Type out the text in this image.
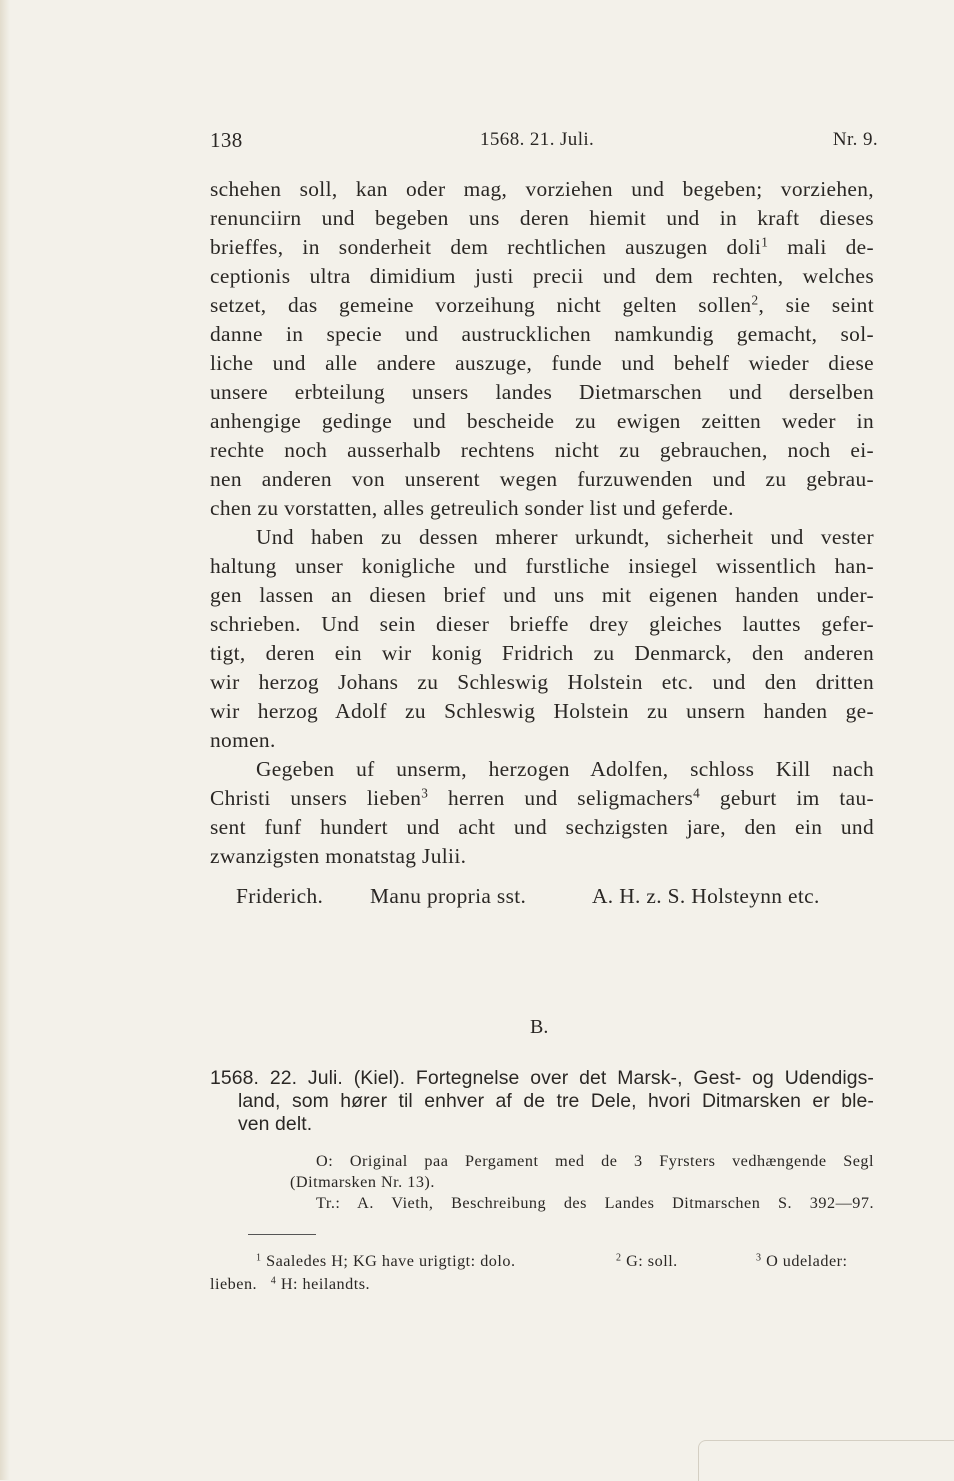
138	1568. 21. Juli.	Nr. 9.
schehen soll, kan oder mag, vorziehen und begeben; vorziehen,
renunciirn und begeben uns deren hiemit und in kraft dieses
brieffes, in sonderheit dem rechtlichen auszugen doli$^1$ mali de-
ceptionis ultra dimidium justi precii und dem rechten, welches
setzet, das gemeine vorzeihung nicht gelten sollen$^2$, sie seint
danne in specie und austrucklichen namkundig gemacht, sol-
liche und alle andere auszuge, funde und behelf wieder diese
unsere erbteilung unsers landes Dietmarschen und derselben
anhengige gedinge und bescheide zu ewigen zeitten weder in
rechte noch ausserhalb rechtens nicht zu gebrauchen, noch ei-
nen anderen von unserent wegen furzuwenden und zu gebrau-
chen zu vorstatten, alles getreulich sonder list und geferde.
Und haben zu dessen mherer urkundt, sicherheit und vester
haltung unser konigliche und furstliche insiegel wissentlich han-
gen lassen an diesen brief und uns mit eigenen handen under-
schrieben. Und sein dieser brieffe drey gleiches lauttes gefer-
tigt, deren ein wir konig Fridrich zu Denmarck, den anderen
wir herzog Johans zu Schleswig Holstein etc. und den dritten
wir herzog Adolf zu Schleswig Holstein zu unsern handen ge-
nomen.
Gegeben uf unserm, herzogen Adolfen, schloss Kill nach
Christi unsers lieben$^3$ herren und seligmachers$^4$ geburt im tau-
sent funf hundert und acht und sechzigsten jare, den ein und
zwanzigsten monatstag Julii.
Friderich. Manu propria sst.	A. H. z. S. Holsteynn etc.
B.
1568. 22. Juli. (Kiel). Fortegnelse over det Marsk-, Gest- og Udendigs-
land, som hører til enhver af de tre Dele, hvori Ditmarsken er ble-
ven delt.
O: Original paa Pergament med de 3 Fyrsters vedhængende Segl
(Ditmarsken Nr. 13).
Tr.: A. Vieth, Beschreibung des Landes Ditmarschen S. 392—97.
$^1$ Saaledes H; KG have urigtigt: dolo.	$^2$ G: soll.	$^3$ O udelader:
lieben. $^4$ H: heilandts.
